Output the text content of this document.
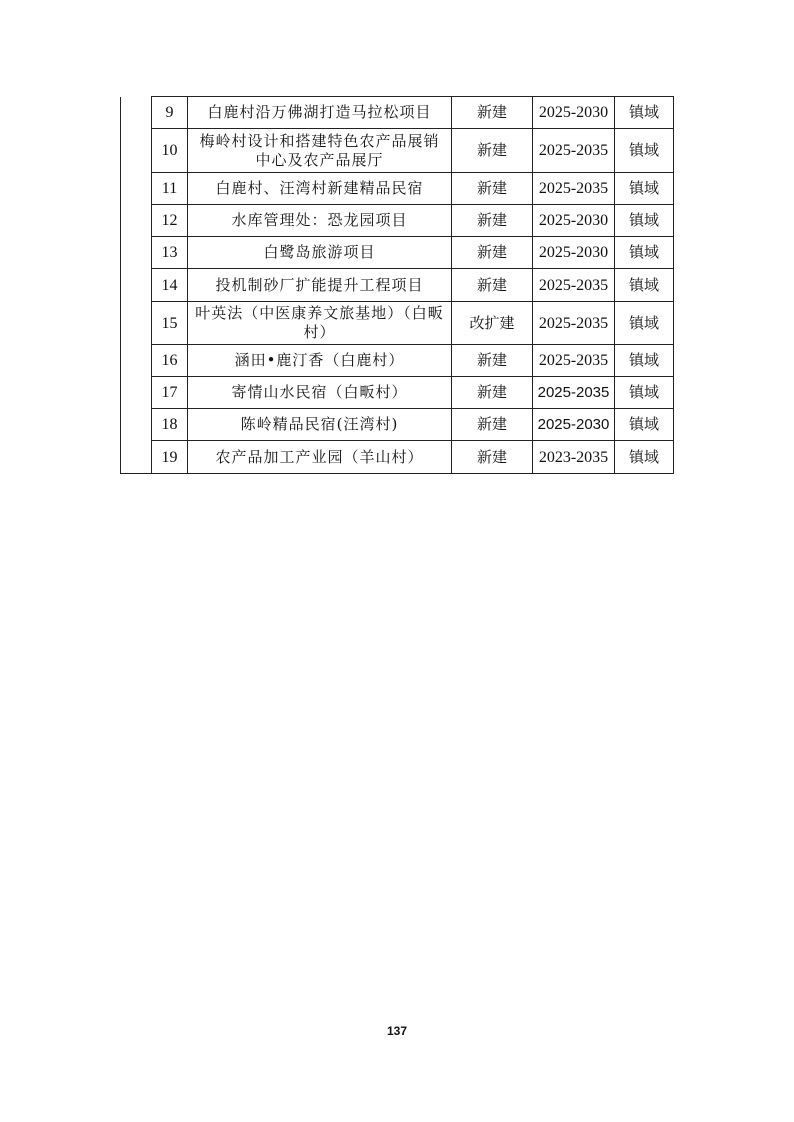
	9	白鹿村沿万佛湖打造马拉松项目	新建	2025-2030	镇域
	10	梅岭村设计和搭建特色农产品展销中心及农产品展厅	新建	2025-2035	镇域
	11	白鹿村、汪湾村新建精品民宿	新建	2025-2035	镇域
	12	水库管理处：恐龙园项目	新建	2025-2030	镇域
	13	白鹭岛旅游项目	新建	2025-2030	镇域
	14	投机制砂厂扩能提升工程项目	新建	2025-2035	镇域
	15	叶英法（中医康养文旅基地）（白畈村）	改扩建	2025-2035	镇域
	16	涵田•鹿汀香（白鹿村）	新建	2025-2035	镇域
	17	寄情山水民宿（白畈村）	新建	2025-2035	镇域
	18	陈岭精品民宿(汪湾村)	新建	2025-2030	镇域
	19	农产品加工产业园（羊山村）	新建	2023-2035	镇域
137
